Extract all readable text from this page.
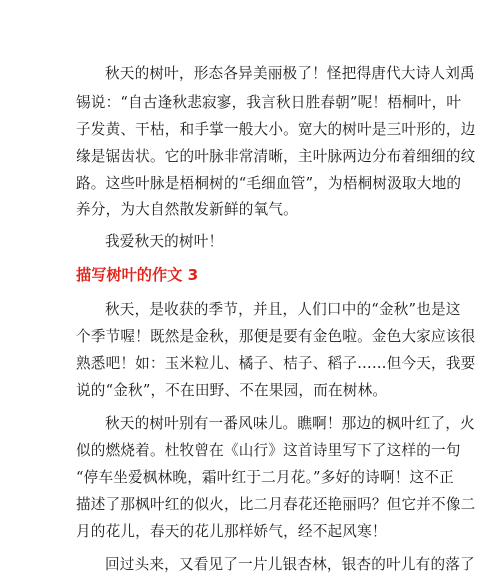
秋天的树叶，形态各异美丽极了！怪把得唐代大诗人刘禹
锡说：“自古逢秋悲寂寥，我言秋日胜春朝”呢！梧桐叶，叶
子发黄、干枯，和手掌一般大小。宽大的树叶是三叶形的，边
缘是锯齿状。它的叶脉非常清晰，主叶脉两边分布着细细的纹
路。这些叶脉是梧桐树的“毛细血管”，为梧桐树汲取大地的
养分，为大自然散发新鲜的氧气。
我爱秋天的树叶！
描写树叶的作文 3
秋天，是收获的季节，并且，人们口中的“金秋”也是这
个季节喔！既然是金秋，那便是要有金色啦。金色大家应该很
熟悉吧！如：玉米粒儿、橘子、桔子、稻子……但今天，我要
说的“金秋”，不在田野、不在果园，而在树林。
秋天的树叶别有一番风味儿。瞧啊！那边的枫叶红了，火
似的燃烧着。杜牧曾在《山行》这首诗里写下了这样的一句
“停车坐爱枫林晚，霜叶红于二月花。”多好的诗啊！这不正
描述了那枫叶红的似火，比二月春花还艳丽吗？但它并不像二
月的花儿，春天的花儿那样娇气，经不起风寒！
回过头来，又看见了一片儿银杏林，银杏的叶儿有的落了
